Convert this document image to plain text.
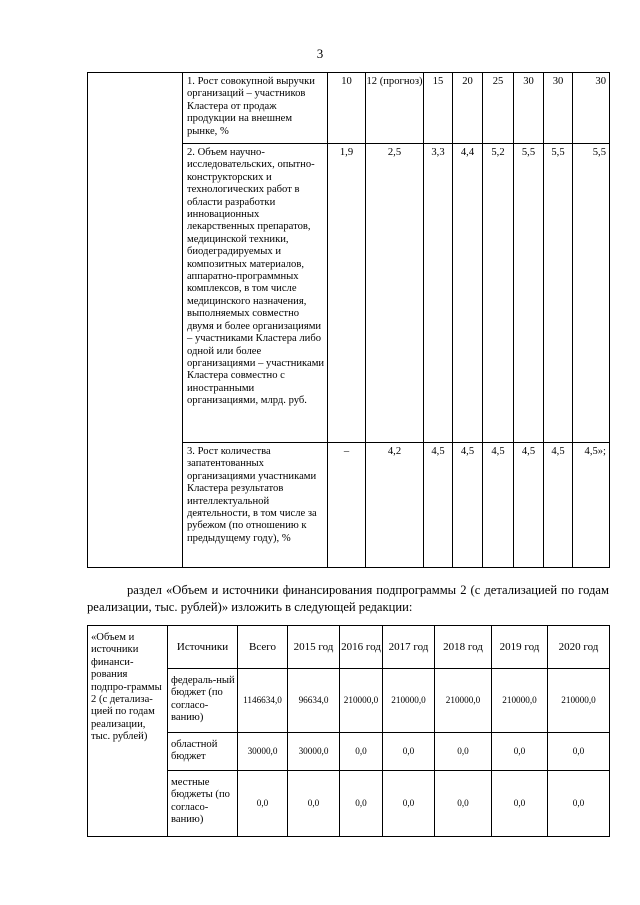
3
	1. Рост совокупной выручки организаций – участников Кластера от продаж продукции на внешнем рынке, %	10	12 (прогноз)	15	20	25	30	30	30
	2. Объем научно-исследовательских, опытно-конструкторских и технологических работ в области разработки инновационных лекарственных препаратов, медицинской техники, биодеградируемых и композитных материалов, аппаратно-программных комплексов, в том числе медицинского назначения, выполняемых совместно двумя и более организациями – участниками Кластера либо одной или более организациями – участниками Кластера совместно с иностранными организациями, млрд. руб.	1,9	2,5	3,3	4,4	5,2	5,5	5,5	5,5
	3. Рост количества запатентованных организациями участниками Кластера результатов интеллектуальной деятельности, в том числе за рубежом (по отношению к предыдущему году), %	–	4,2	4,5	4,5	4,5	4,5	4,5	4,5»;
раздел «Объем и источники финансирования подпрограммы 2 (с детализацией по годам реализации, тыс. рублей)» изложить в следующей редакции:
«Объем и источники финанси-рования подпро-граммы 2 (с детализа-цией по годам реализации, тыс. рублей)	Источники	Всего	2015 год	2016 год	2017 год	2018 год	2019 год	2020 год
	федераль-ный бюджет (по согласо-ванию)	1146634,0	96634,0	210000,0	210000,0	210000,0	210000,0	210000,0
	областной бюджет	30000,0	30000,0	0,0	0,0	0,0	0,0	0,0
	местные бюджеты (по согласо-ванию)	0,0	0,0	0,0	0,0	0,0	0,0	0,0
